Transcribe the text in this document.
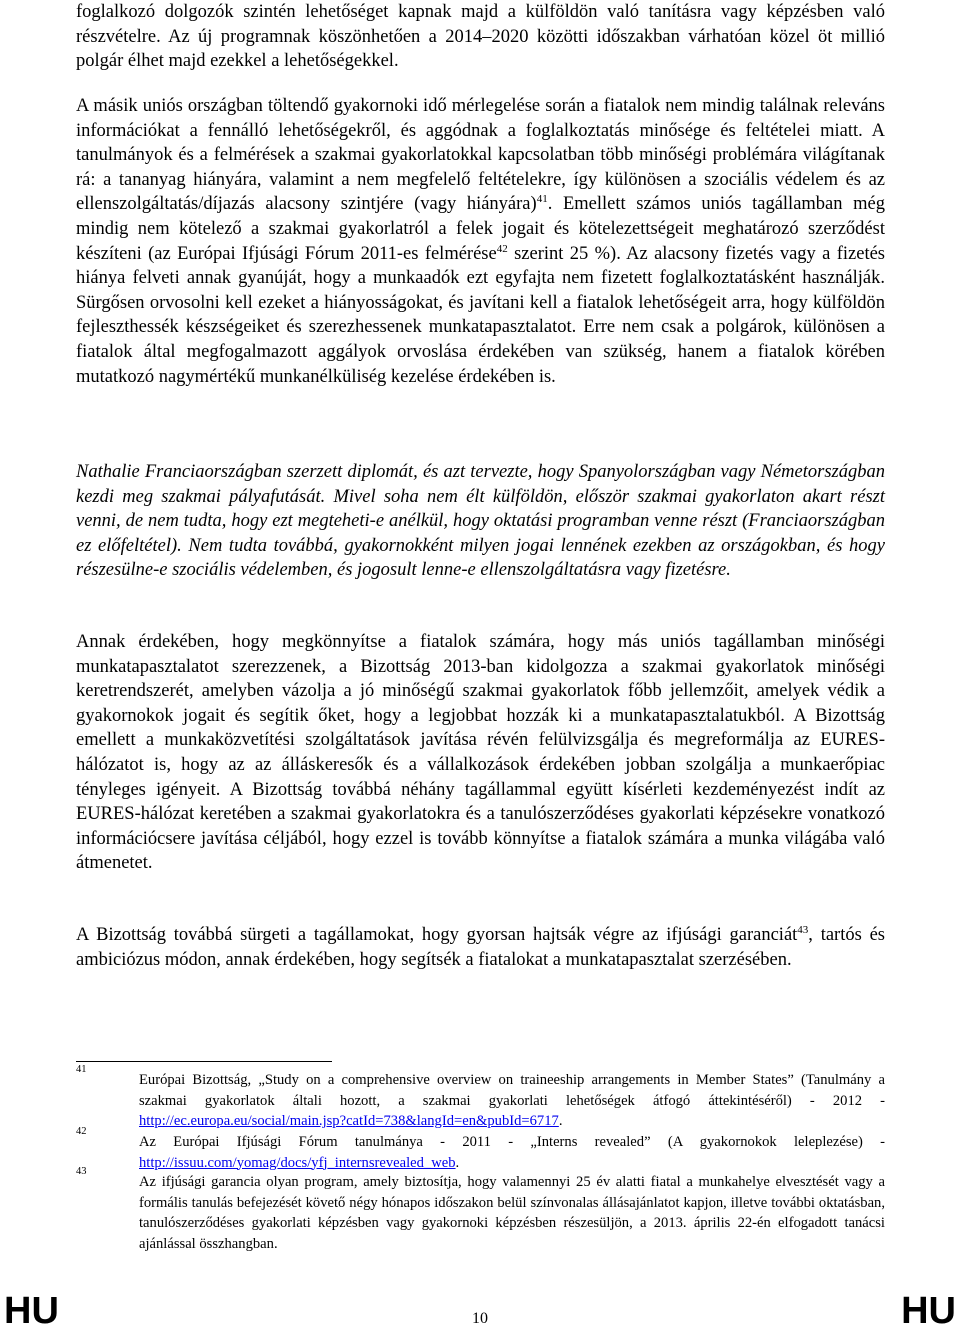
foglalkozó dolgozók szintén lehetőséget kapnak majd a külföldön való tanításra vagy képzésben való részvételre. Az új programnak köszönhetően a 2014–2020 közötti időszakban várhatóan közel öt millió polgár élhet majd ezekkel a lehetőségekkel.

A másik uniós országban töltendő gyakornoki idő mérlegelése során a fiatalok nem mindig találnak releváns információkat a fennálló lehetőségekről, és aggódnak a foglalkoztatás minősége és feltételei miatt. A tanulmányok és a felmérések a szakmai gyakorlatokkal kapcsolatban több minőségi problémára világítanak rá: a tananyag hiányára, valamint a nem megfelelő feltételekre, így különösen a szociális védelem és az ellenszolgáltatás/díjazás alacsony szintjére (vagy hiányára)$^{41}$. Emellett számos uniós tagállamban még mindig nem kötelező a szakmai gyakorlatról a felek jogait és kötelezettségeit meghatározó szerződést készíteni (az Európai Ifjúsági Fórum 2011-es felmérése$^{42}$ szerint 25 %). Az alacsony fizetés vagy a fizetés hiánya felveti annak gyanúját, hogy a munkaadók ezt egyfajta nem fizetett foglalkoztatásként használják. Sürgősen orvosolni kell ezeket a hiányosságokat, és javítani kell a fiatalok lehetőségeit arra, hogy külföldön fejleszthessék készségeiket és szerezhessenek munkatapasztalatot. Erre nem csak a polgárok, különösen a fiatalok által megfogalmazott aggályok orvoslása érdekében van szükség, hanem a fiatalok körében mutatkozó nagymértékű munkanélküliség kezelése érdekében is.

Nathalie Franciaországban szerzett diplomát, és azt tervezte, hogy Spanyolországban vagy Németországban kezdi meg szakmai pályafutását. Mivel soha nem élt külföldön, először szakmai gyakorlaton akart részt venni, de nem tudta, hogy ezt megteheti-e anélkül, hogy oktatási programban venne részt (Franciaországban ez előfeltétel). Nem tudta továbbá, gyakornokként milyen jogai lennének ezekben az országokban, és hogy részesülne-e szociális védelemben, és jogosult lenne-e ellenszolgáltatásra vagy fizetésre.

Annak érdekében, hogy megkönnyítse a fiatalok számára, hogy más uniós tagállamban minőségi munkatapasztalatot szerezzenek, a Bizottság 2013-ban kidolgozza a szakmai gyakorlatok minőségi keretrendszerét, amelyben vázolja a jó minőségű szakmai gyakorlatok főbb jellemzőit, amelyek védik a gyakornokok jogait és segítik őket, hogy a legjobbat hozzák ki a munkatapasztalatukból. A Bizottság emellett a munkaközvetítési szolgáltatások javítása révén felülvizsgálja és megreformálja az EURES-hálózatot is, hogy az az álláskeresők és a vállalkozások érdekében jobban szolgálja a munkaerőpiac tényleges igényeit. A Bizottság továbbá néhány tagállammal együtt kísérleti kezdeményezést indít az EURES-hálózat keretében a szakmai gyakorlatokra és a tanulószerződéses gyakorlati képzésekre vonatkozó információcsere javítása céljából, hogy ezzel is tovább könnyítse a fiatalok számára a munka világába való átmenetet.

A Bizottság továbbá sürgeti a tagállamokat, hogy gyorsan hajtsák végre az ifjúsági garanciát$^{43}$, tartós és ambiciózus módon, annak érdekében, hogy segítsék a fiatalokat a munkatapasztalat szerzésében.

41
Európai Bizottság, „Study on a comprehensive overview on traineeship arrangements in Member States” (Tanulmány a szakmai gyakorlatok általi hozott, a szakmai gyakorlati lehetőségek átfogó áttekintéséről) - 2012 - http://ec.europa.eu/social/main.jsp?catId=738&langId=en&pubId=6717.
42
Az Európai Ifjúsági Fórum tanulmánya - 2011 - „Interns revealed” (A gyakornokok leleplezése) - http://issuu.com/yomag/docs/yfj_internsrevealed_web.
43
Az ifjúsági garancia olyan program, amely biztosítja, hogy valamennyi 25 év alatti fiatal a munkahelye elvesztését vagy a formális tanulás befejezését követő négy hónapos időszakon belül színvonalas állásajánlatot kapjon, illetve további oktatásban, tanulószerződéses gyakorlati képzésben vagy gyakornoki képzésben részesüljön, a 2013. április 22-én elfogadott tanácsi ajánlással összhangban.
HU	10	HU
